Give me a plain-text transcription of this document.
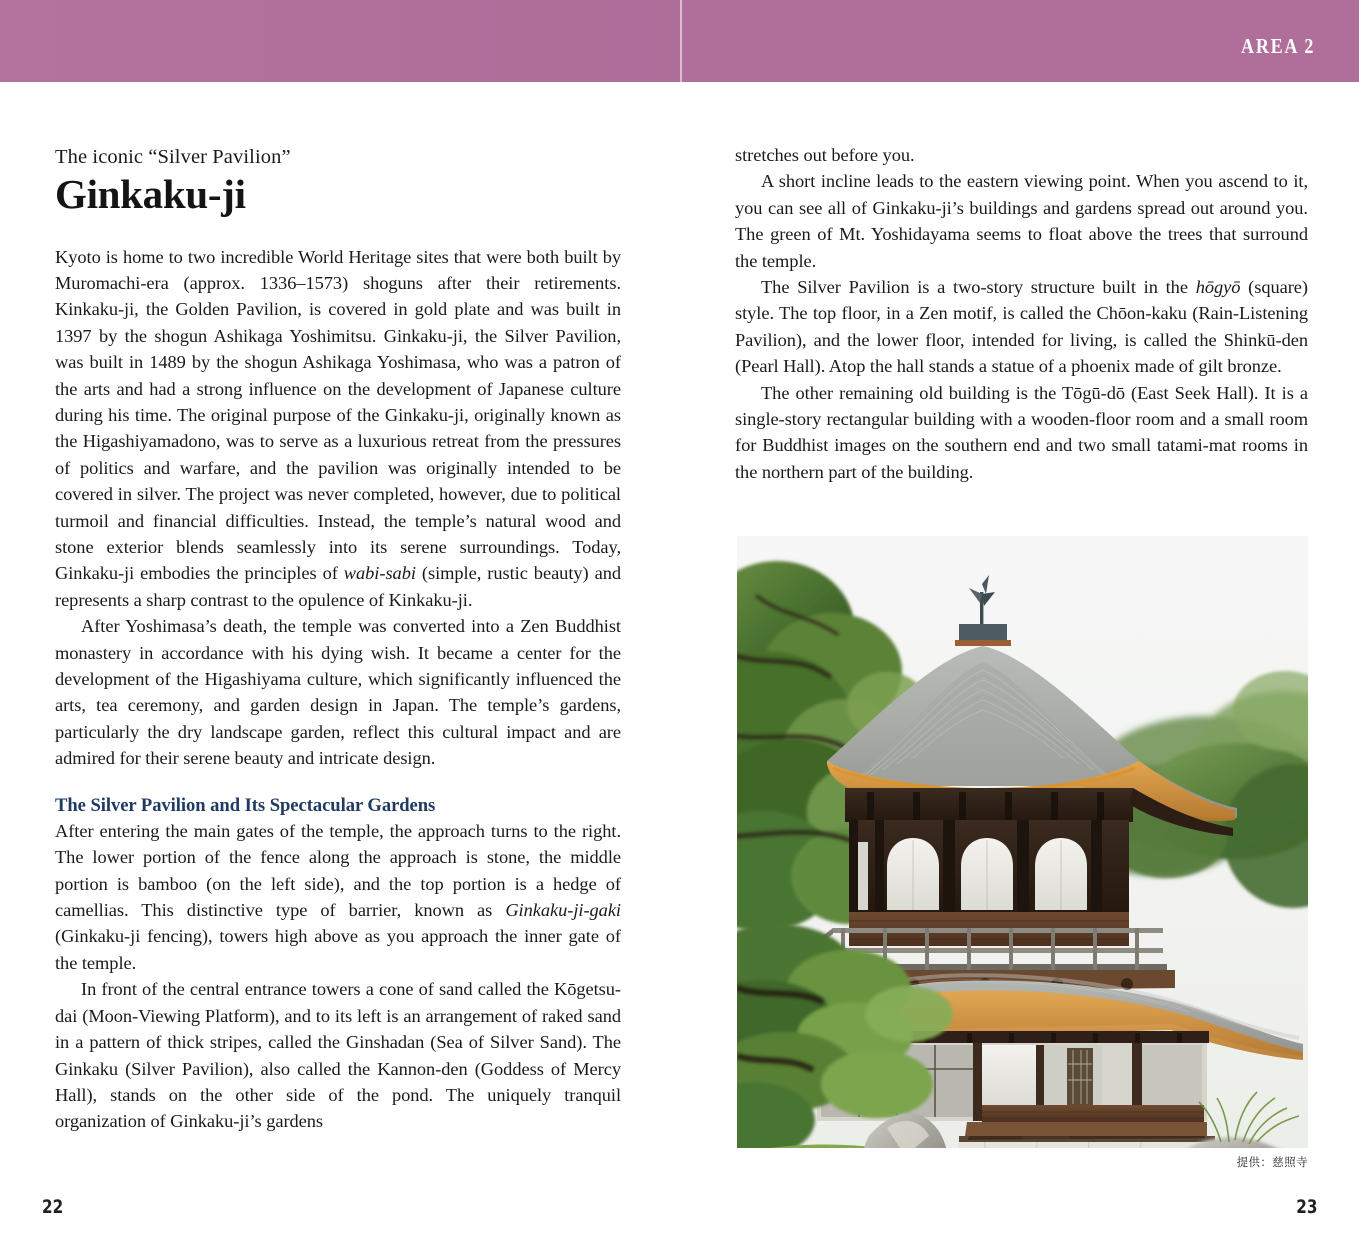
AREA 2
The iconic “Silver Pavilion”
Ginkaku-ji

Kyoto is home to two incredible World Heritage sites that were both built by Muromachi-era (approx. 1336–1573) shoguns after their retirements. Kinkaku-ji, the Golden Pavilion, is covered in gold plate and was built in 1397 by the shogun Ashikaga Yoshimitsu. Ginkaku-ji, the Silver Pavilion, was built in 1489 by the shogun Ashikaga Yoshimasa, who was a patron of the arts and had a strong influence on the development of Japanese culture during his time. The original purpose of the Ginkaku-ji, originally known as the Higashiyamadono, was to serve as a luxurious retreat from the pressures of politics and warfare, and the pavilion was originally intended to be covered in silver. The project was never completed, however, due to political turmoil and financial difficulties. Instead, the temple’s natural wood and stone exterior blends seamlessly into its serene surroundings. Today, Ginkaku-ji embodies the principles of wabi-sabi (simple, rustic beauty) and represents a sharp contrast to the opulence of Kinkaku-ji.

After Yoshimasa’s death, the temple was converted into a Zen Buddhist monastery in accordance with his dying wish. It became a center for the development of the Higashiyama culture, which significantly influenced the arts, tea ceremony, and garden design in Japan. The temple’s gardens, particularly the dry landscape garden, reflect this cultural impact and are admired for their serene beauty and intricate design.

The Silver Pavilion and Its Spectacular Gardens

After entering the main gates of the temple, the approach turns to the right. The lower portion of the fence along the approach is stone, the middle portion is bamboo (on the left side), and the top portion is a hedge of camellias. This distinctive type of barrier, known as Ginkaku-ji-gaki (Ginkaku-ji fencing), towers high above as you approach the inner gate of the temple.

In front of the central entrance towers a cone of sand called the Kōgetsu-dai (Moon-Viewing Platform), and to its left is an arrangement of raked sand in a pattern of thick stripes, called the Ginshadan (Sea of Silver Sand). The Ginkaku (Silver Pavilion), also called the Kannon-den (Goddess of Mercy Hall), stands on the other side of the pond. The uniquely tranquil organization of Ginkaku-ji’s gardens

22

stretches out before you.

A short incline leads to the eastern viewing point. When you ascend to it, you can see all of Ginkaku-ji’s buildings and gardens spread out around you. The green of Mt. Yoshidayama seems to float above the trees that surround the temple.

The Silver Pavilion is a two-story structure built in the hōgyō (square) style. The top floor, in a Zen motif, is called the Chōon-kaku (Rain-Listening Pavilion), and the lower floor, intended for living, is called the Shinkū-den (Pearl Hall). Atop the hall stands a statue of a phoenix made of gilt bronze.

The other remaining old building is the Tōgū-dō (East Seek Hall). It is a single-story rectangular building with a wooden-floor room and a small room for Buddhist images on the southern end and two small tatami-mat rooms in the northern part of the building.

提供：慈照寺
23
